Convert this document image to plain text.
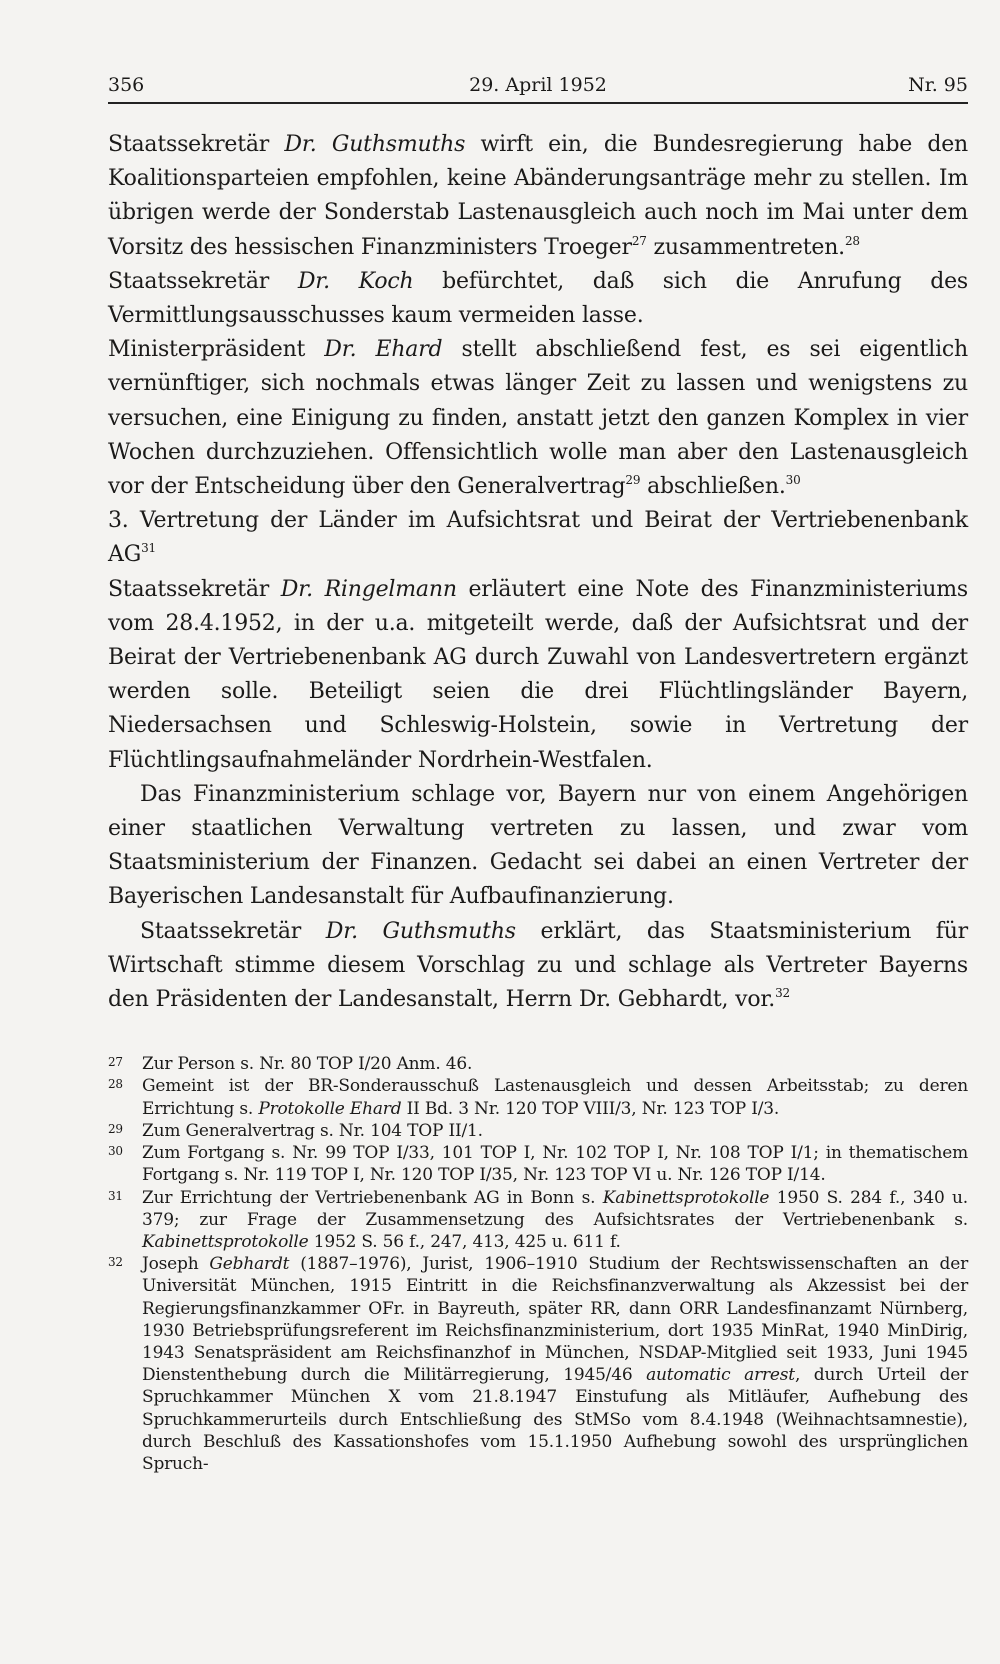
356	29. April 1952	Nr. 95

Staatssekretär Dr. Guthsmuths wirft ein, die Bundesregierung habe den Koalitionsparteien empfohlen, keine Abänderungsanträge mehr zu stellen. Im übrigen werde der Sonderstab Lastenausgleich auch noch im Mai unter dem Vorsitz des hessischen Finanzministers Troeger$^{27}$ zusammentreten.$^{28}$

Staatssekretär Dr. Koch befürchtet, daß sich die Anrufung des Vermittlungsausschusses kaum vermeiden lasse.

Ministerpräsident Dr. Ehard stellt abschließend fest, es sei eigentlich vernünftiger, sich nochmals etwas länger Zeit zu lassen und wenigstens zu versuchen, eine Einigung zu finden, anstatt jetzt den ganzen Komplex in vier Wochen durchzuziehen. Offensichtlich wolle man aber den Lastenausgleich vor der Entscheidung über den Generalvertrag$^{29}$ abschließen.$^{30}$

3. Vertretung der Länder im Aufsichtsrat und Beirat der Vertriebenenbank AG$^{31}$

Staatssekretär Dr. Ringelmann erläutert eine Note des Finanzministeriums vom 28.4.1952, in der u.a. mitgeteilt werde, daß der Aufsichtsrat und der Beirat der Vertriebenenbank AG durch Zuwahl von Landesvertretern ergänzt werden solle. Beteiligt seien die drei Flüchtlingsländer Bayern, Niedersachsen und Schleswig-Holstein, sowie in Vertretung der Flüchtlingsaufnahmeländer Nordrhein-Westfalen.

Das Finanzministerium schlage vor, Bayern nur von einem Angehörigen einer staatlichen Verwaltung vertreten zu lassen, und zwar vom Staatsministerium der Finanzen. Gedacht sei dabei an einen Vertreter der Bayerischen Landesanstalt für Aufbaufinanzierung.

Staatssekretär Dr. Guthsmuths erklärt, das Staatsministerium für Wirtschaft stimme diesem Vorschlag zu und schlage als Vertreter Bayerns den Präsidenten der Landesanstalt, Herrn Dr. Gebhardt, vor.$^{32}$

27 Zur Person s. Nr. 80 TOP I/20 Anm. 46.

28 Gemeint ist der BR-Sonderausschuß Lastenausgleich und dessen Arbeitsstab; zu deren Errichtung s. Protokolle Ehard II Bd. 3 Nr. 120 TOP VIII/3, Nr. 123 TOP I/3.

29 Zum Generalvertrag s. Nr. 104 TOP II/1.

30 Zum Fortgang s. Nr. 99 TOP I/33, 101 TOP I, Nr. 102 TOP I, Nr. 108 TOP I/1; in thematischem Fortgang s. Nr. 119 TOP I, Nr. 120 TOP I/35, Nr. 123 TOP VI u. Nr. 126 TOP I/14.

31 Zur Errichtung der Vertriebenenbank AG in Bonn s. Kabinettsprotokolle 1950 S. 284 f., 340 u. 379; zur Frage der Zusammensetzung des Aufsichtsrates der Vertriebenenbank s. Kabinettsprotokolle 1952 S. 56 f., 247, 413, 425 u. 611 f.

32 Joseph Gebhardt (1887–1976), Jurist, 1906–1910 Studium der Rechtswissenschaften an der Universität München, 1915 Eintritt in die Reichsfinanzverwaltung als Akzessist bei der Regierungsfinanzkammer OFr. in Bayreuth, später RR, dann ORR Landesfinanzamt Nürnberg, 1930 Betriebsprüfungsreferent im Reichsfinanzministerium, dort 1935 MinRat, 1940 MinDirig, 1943 Senatspräsident am Reichsfinanzhof in München, NSDAP-Mitglied seit 1933, Juni 1945 Dienstenthebung durch die Militärregierung, 1945/46 automatic arrest, durch Urteil der Spruchkammer München X vom 21.8.1947 Einstufung als Mitläufer, Aufhebung des Spruchkammerurteils durch Entschließung des StMSo vom 8.4.1948 (Weihnachtsamnestie), durch Beschluß des Kassationshofes vom 15.1.1950 Aufhebung sowohl des ursprünglichen Spruch-
